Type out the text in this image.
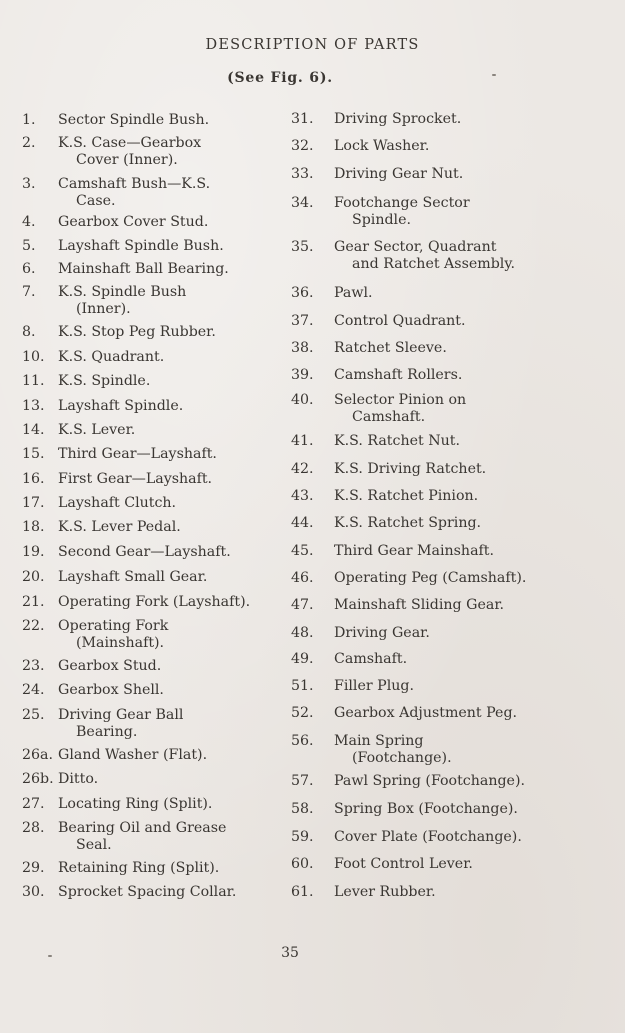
DESCRIPTION OF PARTS
(See Fig. 6).
1.	Sector Spindle Bush.
2.	K.S. Case—Gearbox
Cover (Inner).
3.	Camshaft Bush—K.S.
Case.
4.	Gearbox Cover Stud.
5.	Layshaft Spindle Bush.
6.	Mainshaft Ball Bearing.
7.	K.S. Spindle Bush
(Inner).
8.	K.S. Stop Peg Rubber.
10. K.S. Quadrant.
11. K.S. Spindle.
13. Layshaft Spindle.
14. K.S. Lever.
15. Third Gear—Layshaft.
16. First Gear—Layshaft.
17. Layshaft Clutch.
18. K.S. Lever Pedal.
19. Second Gear—Layshaft.
20. Layshaft Small Gear.
21. Operating Fork (Layshaft).
22. Operating Fork
(Mainshaft).
23. Gearbox Stud.
24. Gearbox Shell.
25. Driving Gear Ball
Bearing.
26a. Gland Washer (Flat).
26b. Ditto.
27. Locating Ring (Split).
28. Bearing Oil and Grease
Seal.
29. Retaining Ring (Split).
30. Sprocket Spacing Collar.
31.	Driving Sprocket.
32.	Lock Washer.
33.	Driving Gear Nut.
34.	Footchange Sector
Spindle.
35.	Gear Sector, Quadrant
and Ratchet Assembly.
36.	Pawl.
37.	Control Quadrant.
38.	Ratchet Sleeve.
39.	Camshaft Rollers.
40.	Selector Pinion on
Camshaft.
41.	K.S. Ratchet Nut.
42.	K.S. Driving Ratchet.
43.	K.S. Ratchet Pinion.
44.	K.S. Ratchet Spring.
45.	Third Gear Mainshaft.
46.	Operating Peg (Camshaft).
47.	Mainshaft Sliding Gear.
48.	Driving Gear.
49.	Camshaft.
51.	Filler Plug.
52.	Gearbox Adjustment Peg.
56.	Main Spring
(Footchange).
57.	Pawl Spring (Footchange).
58.	Spring Box (Footchange).
59.	Cover Plate (Footchange).
60.	Foot Control Lever.
61.	Lever Rubber.
35
